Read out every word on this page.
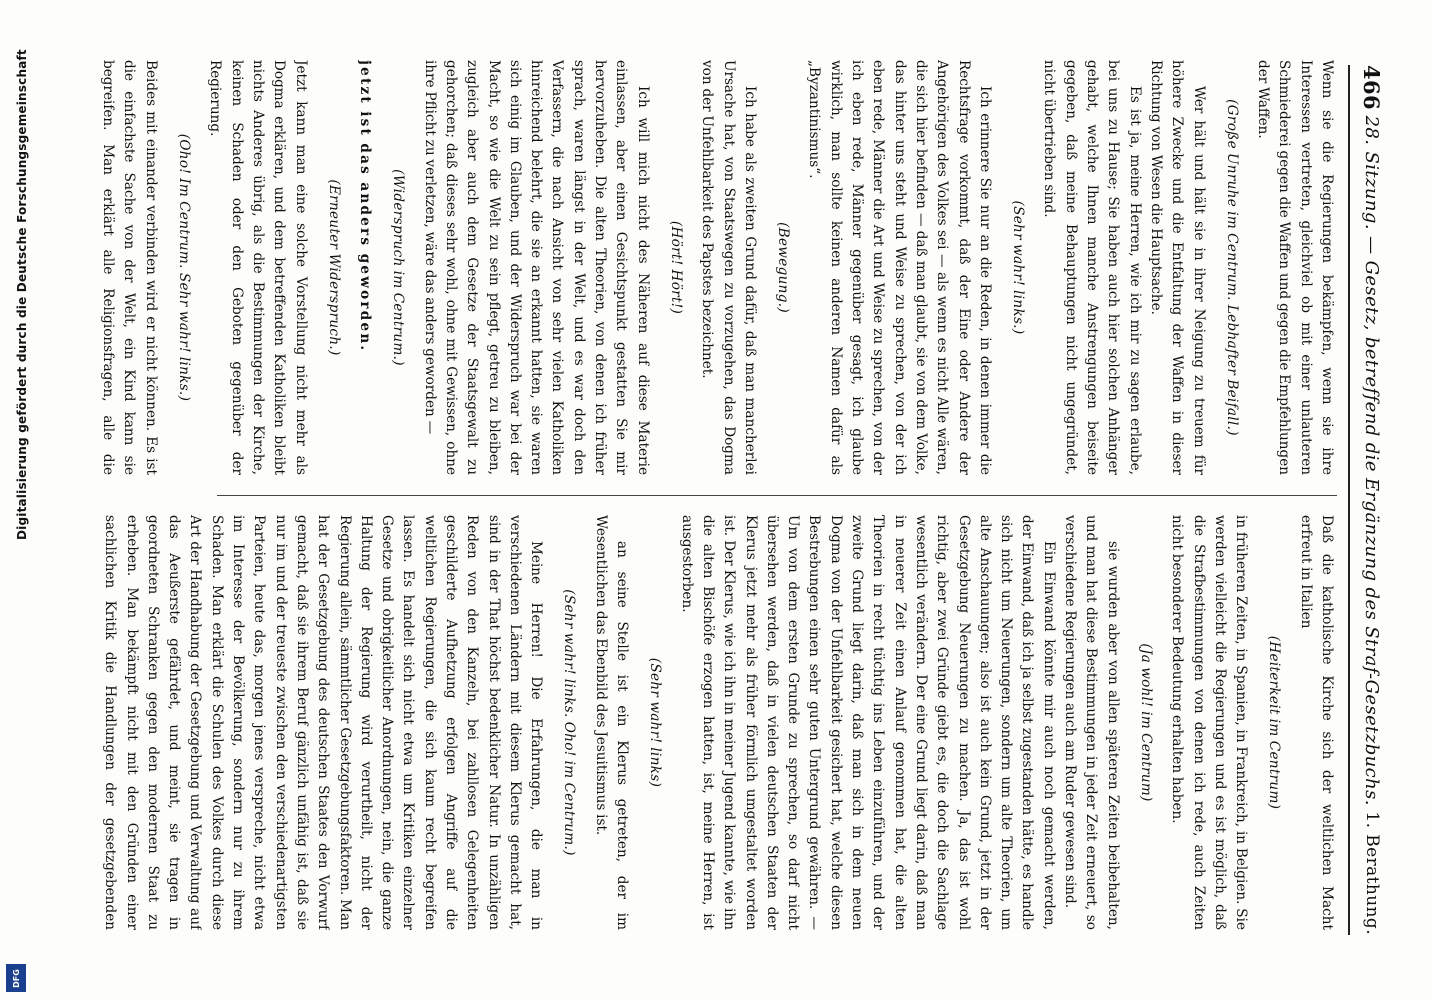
466
28. Sitzung. — Gesetz, betreffend die Ergänzung des Straf-Gesetzbuchs.
1. Berathung.

Wenn sie die Regierungen bekämpfen, wenn sie ihre Interessen vertreten, gleichviel ob mit einer unlauteren Schmiederei gegen die Waffen und gegen die Empfehlungen der Waffen.

(Große Unruhe im Centrum. Lebhafter Beifall.)

Wer hält und hält sie in ihrer Neigung zu treuem für höhere Zwecke und die Entfaltung der Waffen in dieser Richtung von Wesen die Hauptsache.

Es ist ja, meine Herren, wie ich mir zu sagen erlaube, bei uns zu Hause; Sie haben auch hier solchen Anhänger gehabt, welche Ihnen manche Anstrengungen beiseite gegeben, daß meine Behauptungen nicht ungegründet, nicht übertrieben sind.

(Sehr wahr! links.)

Ich erinnere Sie nur an die Reden, in denen immer die Rechtsfrage vorkommt, daß der Eine oder Andere der Angehörigen des Volkes sei — als wenn es nicht Alle wären, die sich hier befinden — daß man glaubt, sie von dem Volke, das hinter uns steht und Weise zu sprechen, von der ich eben rede, Männer die Art und Weise zu sprechen, von der ich eben rede, Männer gegenüber gesagt, ich glaube wirklich, man sollte keinen anderen Namen dafür als „Byzantinismus“.

(Bewegung.)

Ich habe als zweiten Grund dafür, daß man mancherlei Ursache hat, von Staatswegen zu vorzugehen, das Dogma von der Unfehlbarkeit des Papstes bezeichnet.

(Hört! Hört!)

Ich will mich nicht des Näheren auf diese Materie einlassen, aber einen Gesichtspunkt gestatten Sie mir hervorzuheben. Die alten Theorien, von denen ich früher sprach, waren längst in der Welt, und es war doch den Verfassern, die nach Ansicht von sehr vielen Katholiken hinreichend belehrt, die sie an erkannt hatten, sie waren sich einig im Glauben, und der Widerspruch war bei der Macht, so wie die Welt zu sein pflegt, getreu zu bleiben, zugleich aber auch dem Gesetze der Staatsgewalt zu gehorchen; daß dieses sehr wohl, ohne mit Gewissen, ohne ihre Pflicht zu verletzen, wäre das anders geworden —

(Widerspruch im Centrum.)

jetzt ist das anders geworden.

(Erneuter Widerspruch.)

Jetzt kann man eine solche Vorstellung nicht mehr als Dogma erklären, und dem betreffenden Katholiken bleibt nichts Anderes übrig, als die Bestimmungen der Kirche, keinen Schaden oder den Geboten gegenüber der Regierung.

(Oho! Im Centrum. Sehr wahr! links.)

Beides mit einander verbinden wird er nicht können. Es ist die einfachste Sache von der Welt, ein Kind kann sie begreifen. Man erklärt alle Religionsfragen, alle die

Daß die katholische Kirche sich der weltlichen Macht erfreut in Italien

(Heiterkeit im Centrum)

in früheren Zeiten, in Spanien, in Frankreich, in Belgien. Sie werden vielleicht die Regierungen und es ist möglich, daß die Strafbestimmungen von denen ich rede, auch Zeiten nicht besonderer Bedeutung erhalten haben.

(Ja wohl! im Centrum)

sie wurden aber von allen späteren Zeiten beibehalten, und man hat diese Bestimmungen in jeder Zeit erneuert, so verschiedene Regierungen auch am Ruder gewesen sind.

Ein Einwand könnte mir auch noch gemacht werden, der Einwand, daß ich ja selbst zugestanden hätte, es handle sich nicht um Neuerungen, sondern um alte Theorien, um alte Anschauungen; also ist auch kein Grund, jetzt in der Gesetzgebung Neuerungen zu machen. Ja, das ist wohl richtig, aber zwei Gründe giebt es, die doch die Sachlage wesentlich verändern. Der eine Grund liegt darin, daß man in neuerer Zeit einen Anlauf genommen hat, die alten Theorien in recht tüchtig ins Leben einzuführen, und der zweite Grund liegt darin, daß man sich in dem neuen Dogma von der Unfehlbarkeit gesichert hat, welche diesen Bestrebungen einen sehr guten Untergrund gewähren. — Um von dem ersten Grunde zu sprechen, so darf nicht übersehen werden, daß in vielen deutschen Staaten der Klerus jetzt mehr als früher förmlich umgestaltet worden ist. Der Klerus, wie ich ihn in meiner Jugend kannte, wie ihn die alten Bischöfe erzogen hatten, ist, meine Herren, ist ausgestorben.

(Sehr wahr! links)

an seine Stelle ist ein Klerus getreten, der im Wesentlichen das Ebenbild des Jesuitismus ist.

(Sehr wahr! links. Oho! im Centrum.)

Meine Herren! Die Erfahrungen, die man in verschiedenen Ländern mit diesem Klerus gemacht hat, sind in der That höchst bedenklicher Natur. In unzähligen Reden von den Kanzeln, bei zahllosen Gelegenheiten geschilderte Aufhetzung erfolgen Angriffe auf die weltlichen Regierungen, die sich kaum recht begreifen lassen. Es handelt sich nicht etwa um Kritiken einzelner Gesetze und obrigkeitlicher Anordnungen, nein, die ganze Haltung der Regierung wird verurtheilt, nicht der Regierung allein, sämmtlicher Gesetzgebungsfaktoren. Man hat der Gesetzgebung des deutschen Staates den Vorwurf gemacht, daß sie ihrem Beruf gänzlich unfähig ist, daß sie nur im und der treueste zwischen den verschiedenartigsten Parteien, heute das, morgen jenes verspreche, nicht etwa im Interesse der Bevölkerung, sondern nur zu ihrem Schaden. Man erklärt die Schulen des Volkes durch diese Art der Handhabung der Gesetzgebung und Verwaltung auf das Aeußerste gefährdet, und meint, sie tragen in geordneten Schranken gegen den modernen Staat zu erheben. Man bekämpft nicht mit den Gründen einer sachlichen Kritik die Handlungen der gesetzgebenden

Digitalisierung gefördert durch die Deutsche Forschungsgemeinschaft
DFG
